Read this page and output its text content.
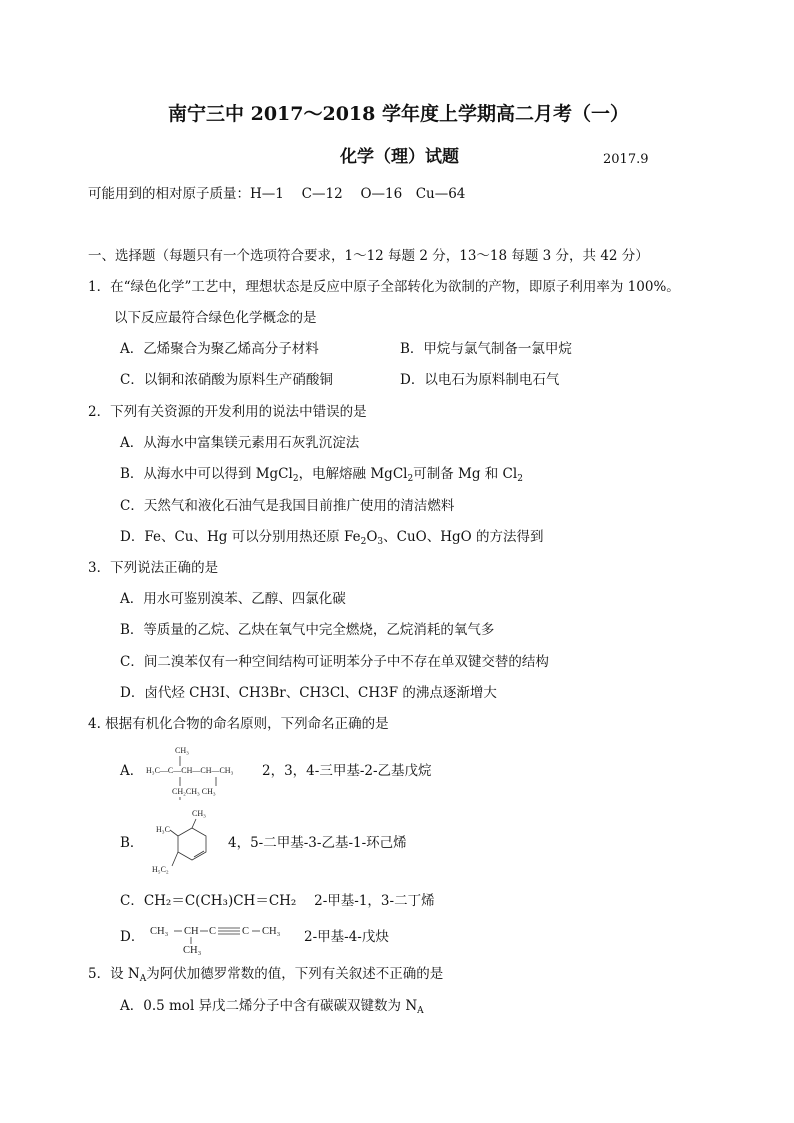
南宁三中 2017～2018 学年度上学期高二月考（一）
化学（理）试题	2017.9
可能用到的相对原子质量：H—1　 C—12　 O—16　Cu—64
一、选择题（每题只有一个选项符合要求，1～12 每题 2 分，13～18 每题 3 分，共 42 分）
1．在“绿色化学”工艺中，理想状态是反应中原子全部转化为欲制的产物，即原子利用率为 100%。
以下反应最符合绿色化学概念的是
A．乙烯聚合为聚乙烯高分子材料	B．甲烷与氯气制备一氯甲烷
C．以铜和浓硝酸为原料生产硝酸铜	D．以电石为原料制电石气
2．下列有关资源的开发利用的说法中错误的是
A．从海水中富集镁元素用石灰乳沉淀法
B．从海水中可以得到 MgCl$_2$，电解熔融 MgCl$_2$可制备 Mg 和 $Cl_2$
C．天然气和液化石油气是我国目前推广使用的清洁燃料
D．Fe、Cu、Hg 可以分别用热还原 $Fe_2O_3$、CuO、HgO 的方法得到
3．下列说法正确的是
A．用水可鉴别溴苯、乙醇、四氯化碳
B．等质量的乙烷、乙炔在氧气中完全燃烧，乙烷消耗的氧气多
C．间二溴苯仅有一种空间结构可证明苯分子中不存在单双键交替的结构
D．卤代烃 CH3I、CH3Br、CH3Cl、CH3F 的沸点逐渐增大
4. 根据有机化合物的命名原则，下列命名正确的是
A．
CH₃
H₃C—C—CH—CH—CH₃
CH₂CH₃ CH₃
2，3，4-三甲基-2-乙基戊烷
B．
CH₃
H₃C
H₅C₂
4，5-二甲基-3-乙基-1-环己烯
C．CH₂＝C(CH₃)CH＝CH₂　 2-甲基-1，3-二丁烯
D． CH₃ CH C C CH₃
CH₃
2-甲基-4-戊炔
5．设 $N_A$为阿伏加德罗常数的值，下列有关叙述不正确的是
A．0.5 mol 异戊二烯分子中含有碳碳双键数为 $N_A$
